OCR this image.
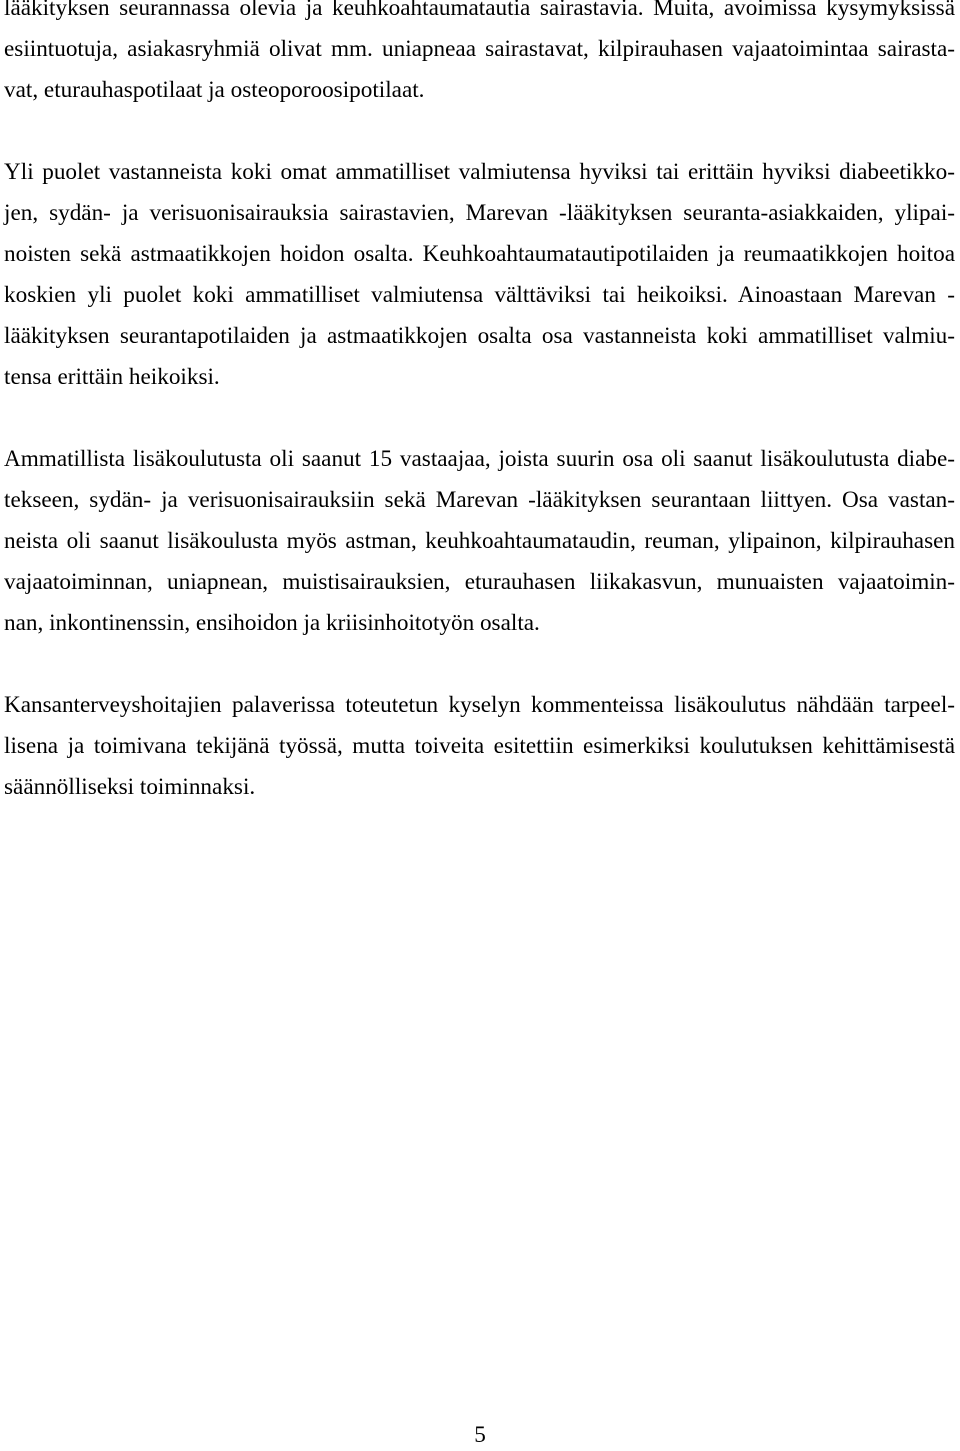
lääkityksen seurannassa olevia ja keuhkoahtaumatautia sairastavia. Muita, avoimissa kysymyksissä
esiintuotuja, asiakasryhmiä olivat mm. uniapneaa sairastavat, kilpirauhasen vajaatoimintaa sairasta-
vat, eturauhaspotilaat ja osteoporoosipotilaat.
Yli puolet vastanneista koki omat ammatilliset valmiutensa hyviksi tai erittäin hyviksi diabeetikko-
jen, sydän- ja verisuonisairauksia sairastavien, Marevan -lääkityksen seuranta-asiakkaiden, ylipai-
noisten sekä astmaatikkojen hoidon osalta. Keuhkoahtaumatautipotilaiden ja reumaatikkojen hoitoa
koskien yli puolet koki ammatilliset valmiutensa välttäviksi tai heikoiksi. Ainoastaan Marevan -
lääkityksen seurantapotilaiden ja astmaatikkojen osalta osa vastanneista koki ammatilliset valmiu-
tensa erittäin heikoiksi.
Ammatillista lisäkoulutusta oli saanut 15 vastaajaa, joista suurin osa oli saanut lisäkoulutusta diabe-
tekseen, sydän- ja verisuonisairauksiin sekä Marevan -lääkityksen seurantaan liittyen. Osa vastan-
neista oli saanut lisäkoulusta myös astman, keuhkoahtaumataudin, reuman, ylipainon, kilpirauhasen
vajaatoiminnan, uniapnean, muistisairauksien, eturauhasen liikakasvun, munuaisten vajaatoimin-
nan, inkontinenssin, ensihoidon ja kriisinhoitotyön osalta.
Kansanterveyshoitajien palaverissa toteutetun kyselyn kommenteissa lisäkoulutus nähdään tarpeel-
lisena ja toimivana tekijänä työssä, mutta toiveita esitettiin esimerkiksi koulutuksen kehittämisestä
säännölliseksi toiminnaksi.
5
